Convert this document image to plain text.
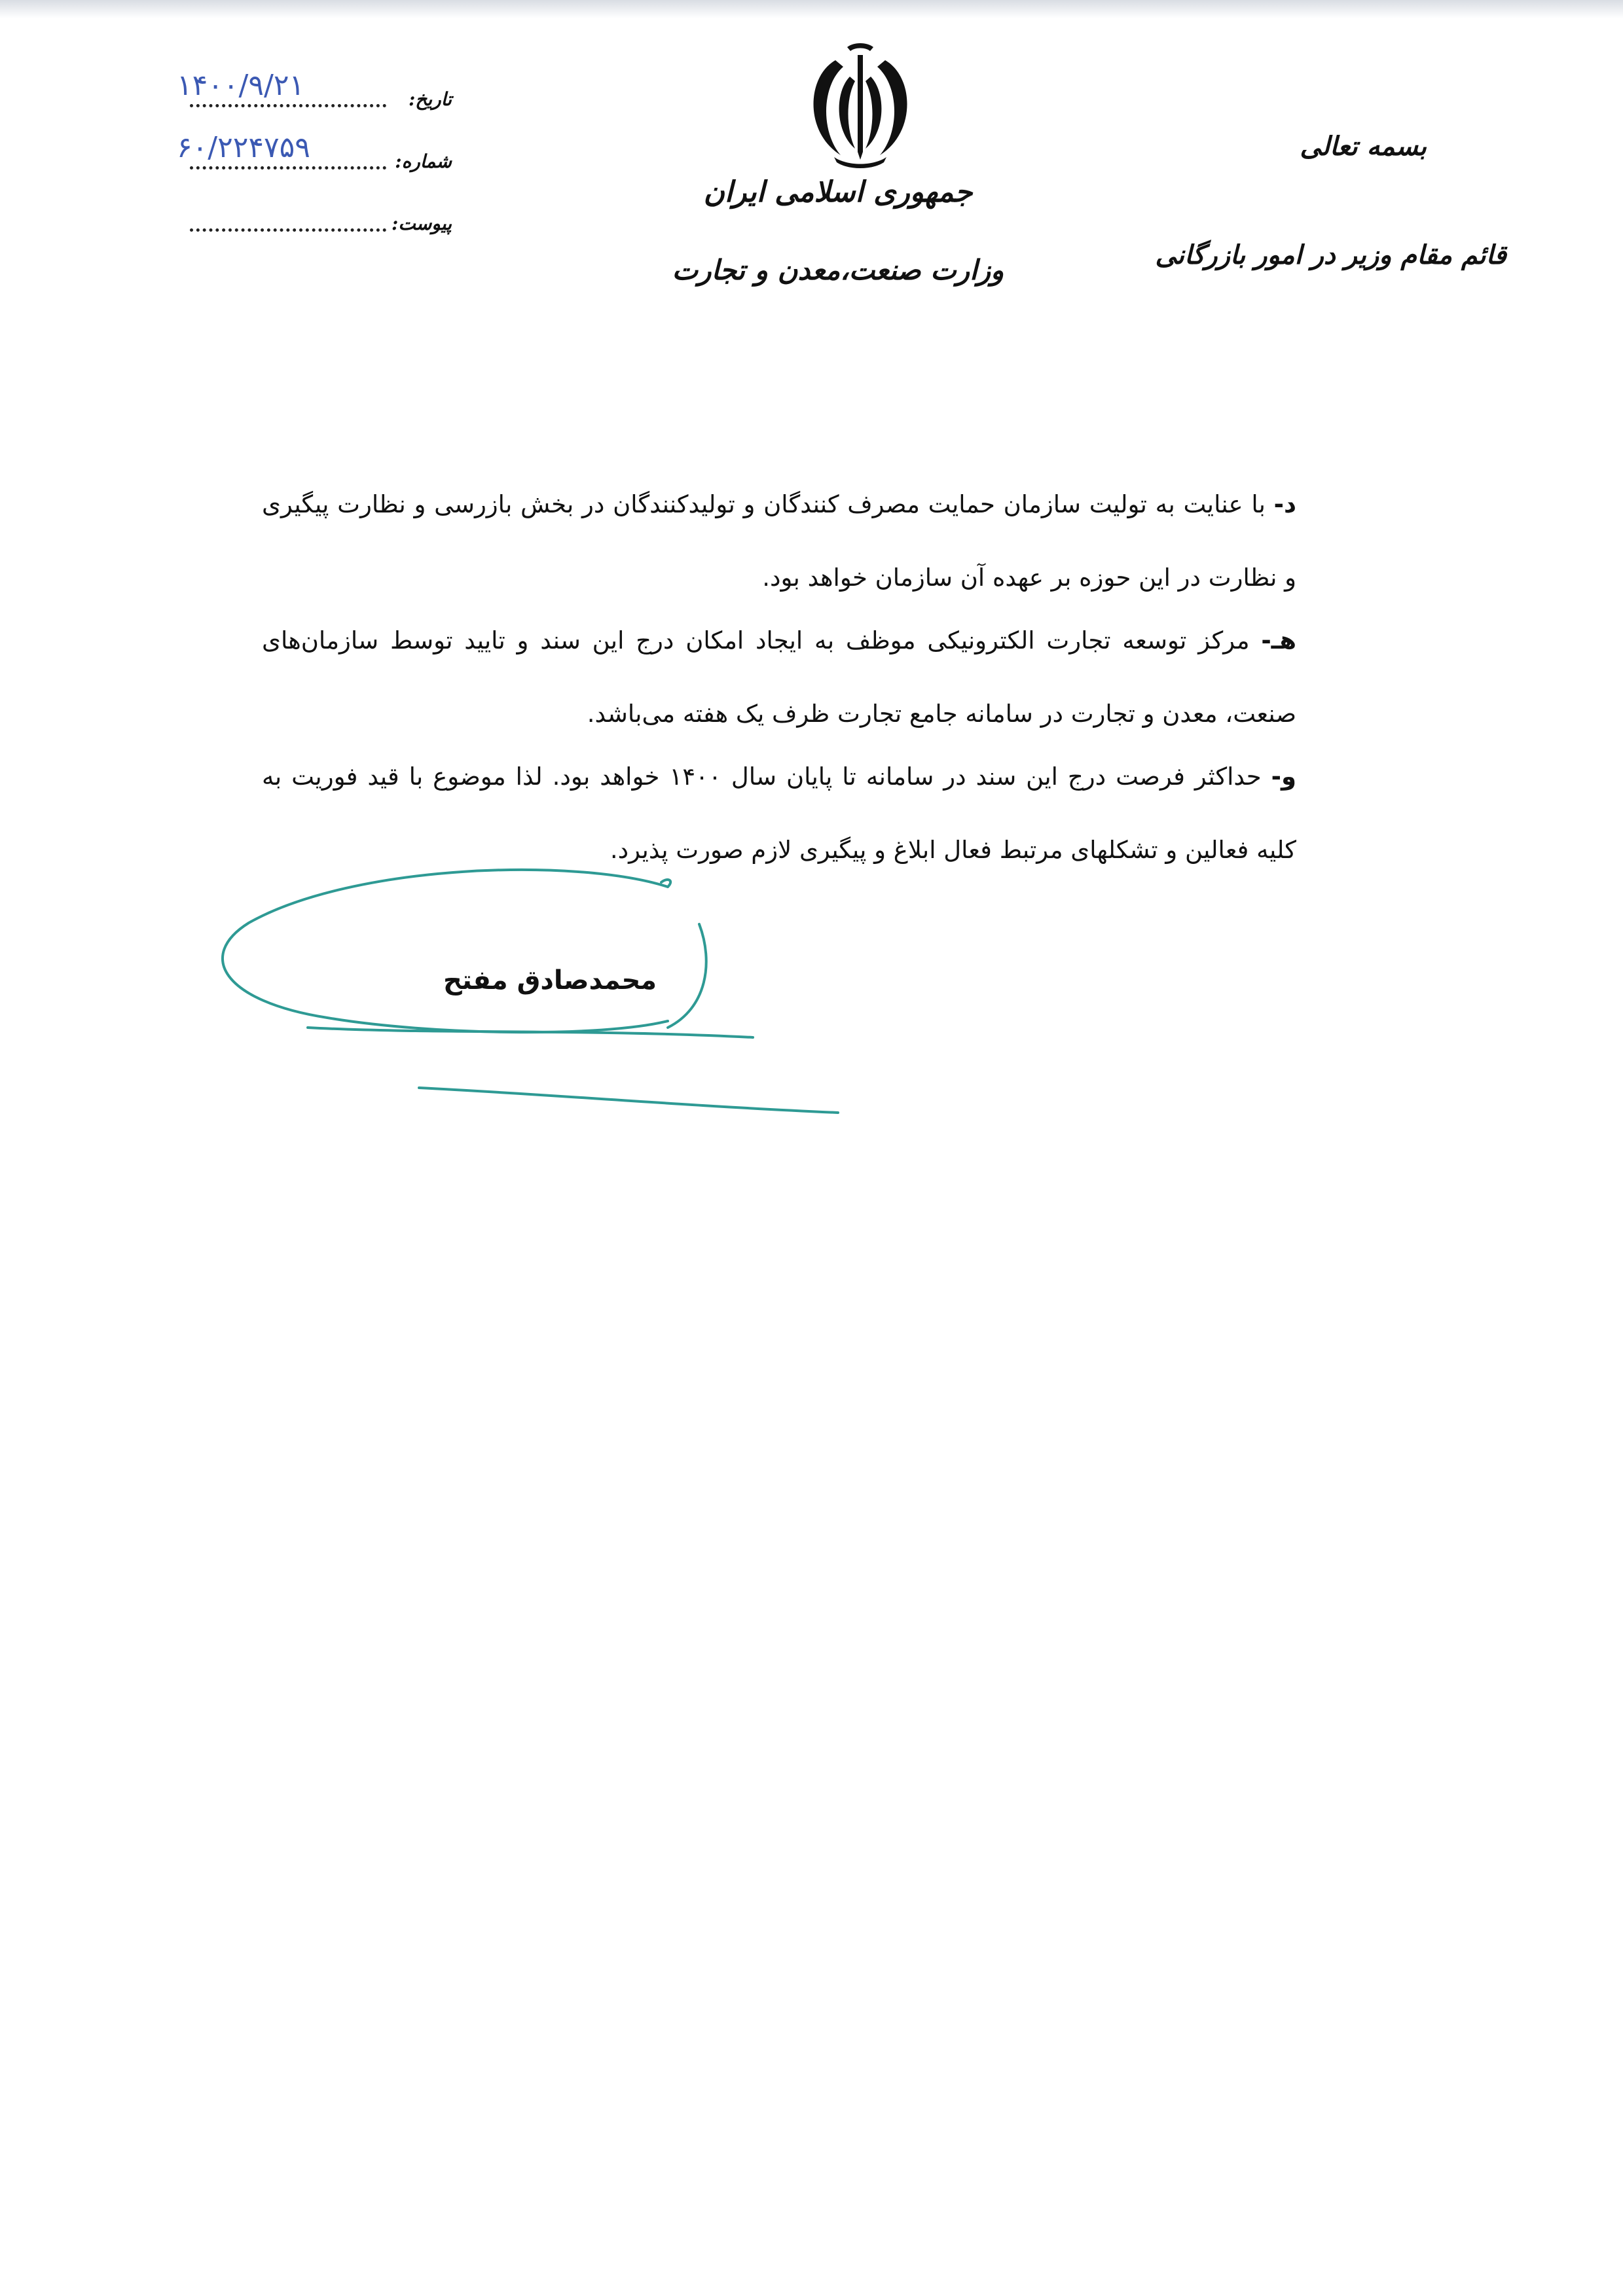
۱۴۰۰/۹/۲۱	تاریخ:
۶۰/۲۲۴۷۵۹	شماره:
پیوست:
جمهوری اسلامی ایران
وزارت صنعت،معدن و تجارت
بسمه تعالی
قائم مقام وزیر در امور بازرگانی

د- با عنایت به تولیت سازمان حمایت مصرف کنندگان و تولیدکنندگان در بخش بازرسی و نظارت پیگیری و نظارت در این حوزه بر عهده آن سازمان خواهد بود.

هـ- مرکز توسعه تجارت الکترونیکی موظف به ایجاد امکان درج این سند و تایید توسط سازمان‌های صنعت، معدن و تجارت در سامانه جامع تجارت ظرف یک هفته می‌باشد.

و- حداکثر فرصت درج این سند در سامانه تا پایان سال ۱۴۰۰ خواهد بود. لذا موضوع با قید فوریت به کلیه فعالین و تشکلهای مرتبط فعال ابلاغ و پیگیری لازم صورت پذیرد.

محمدصادق مفتح
